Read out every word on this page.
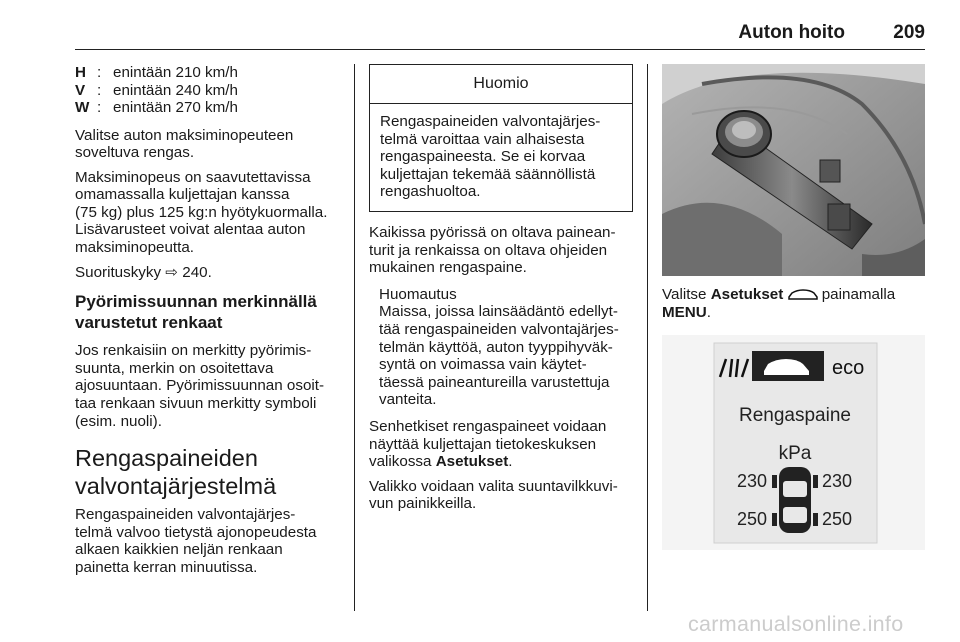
Auton hoito	209
H : enintään 210 km/h
V : enintään 240 km/h
W : enintään 270 km/h

Valitse auton maksiminopeuteen
soveltuva rengas.

Maksiminopeus on saavutettavissa
omamassalla kuljettajan kanssa
(75 kg) plus 125 kg:n hyötykuormalla.
Lisävarusteet voivat alentaa auton
maksiminopeutta.

Suorituskyky ⇨ 240.

Pyörimissuunnan merkinnällä
varustetut renkaat

Jos renkaisiin on merkitty pyörimis-
suunta, merkin on osoitettava
ajosuuntaan. Pyörimissuunnan osoit-
taa renkaan sivuun merkitty symboli
(esim. nuoli).

Rengaspaineiden
valvontajärjestelmä

Rengaspaineiden valvontajärjes-
telmä valvoo tietystä ajonopeudesta
alkaen kaikkien neljän renkaan
painetta kerran minuutissa.

Huomio
Rengaspaineiden valvontajärjes-
telmä varoittaa vain alhaisesta
rengaspaineesta. Se ei korvaa
kuljettajan tekemää säännöllistä
rengashuoltoa.

Kaikissa pyörissä on oltava painean-
turit ja renkaissa on oltava ohjeiden
mukainen rengaspaine.

Huomautus
Maissa, joissa lainsäädäntö edellyt-
tää rengaspaineiden valvontajärjes-
telmän käyttöä, auton tyyppihyväk-
syntä on voimassa vain käytet-
täessä paineantureilla varustettuja
vanteita.

Senhetkiset rengaspaineet voidaan
näyttää kuljettajan tietokeskuksen
valikossa Asetukset.

Valikko voidaan valita suuntavilkkuvi-
vun painikkeilla.

Valitse Asetukset  painamalla
MENU.

eco
Rengaspaine
kPa
230	230
250	250
carmanualsonline.info
